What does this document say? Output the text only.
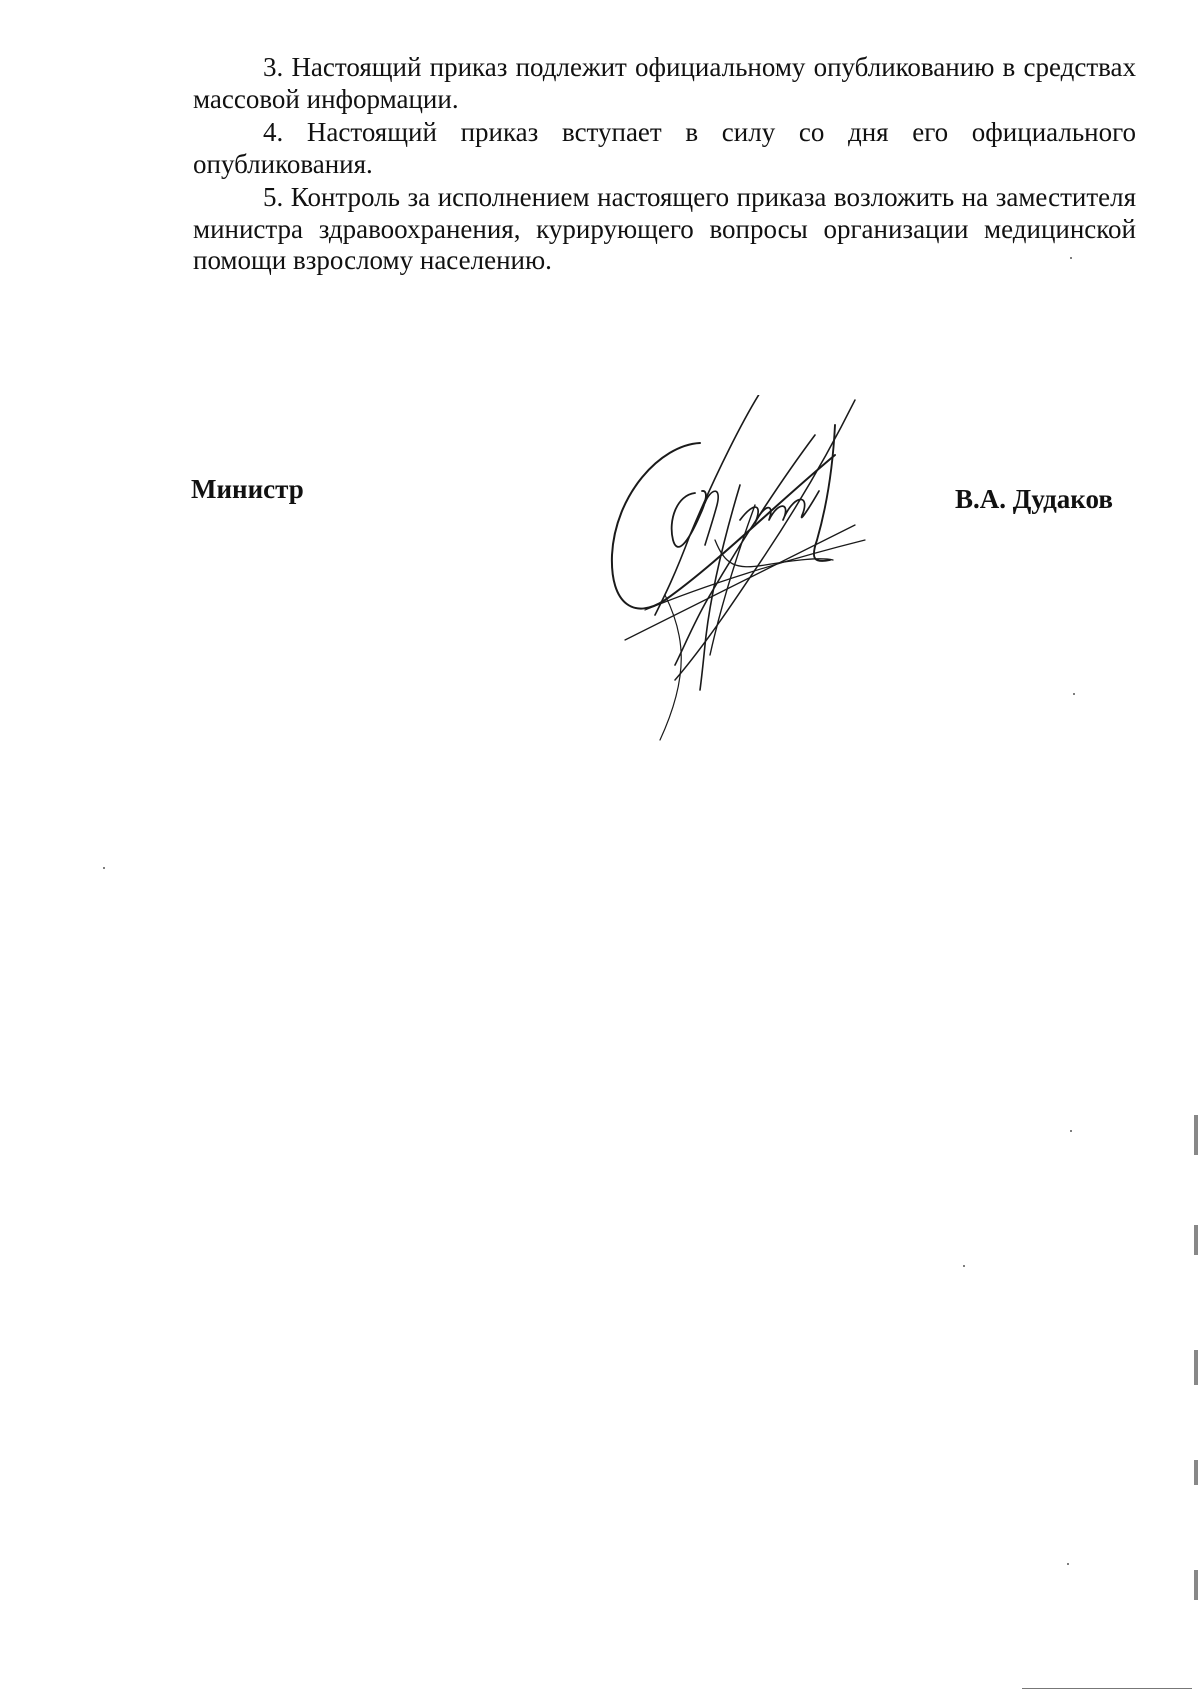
3. Настоящий приказ подлежит официальному опубликованию в средствах массовой информации.

4. Настоящий приказ вступает в силу со дня его официального опубликования.

5. Контроль за исполнением настоящего приказа возложить на заместителя министра здравоохранения, курирующего вопросы организации медицинской помощи взрослому населению.

Министр	В.А. Дудаков
